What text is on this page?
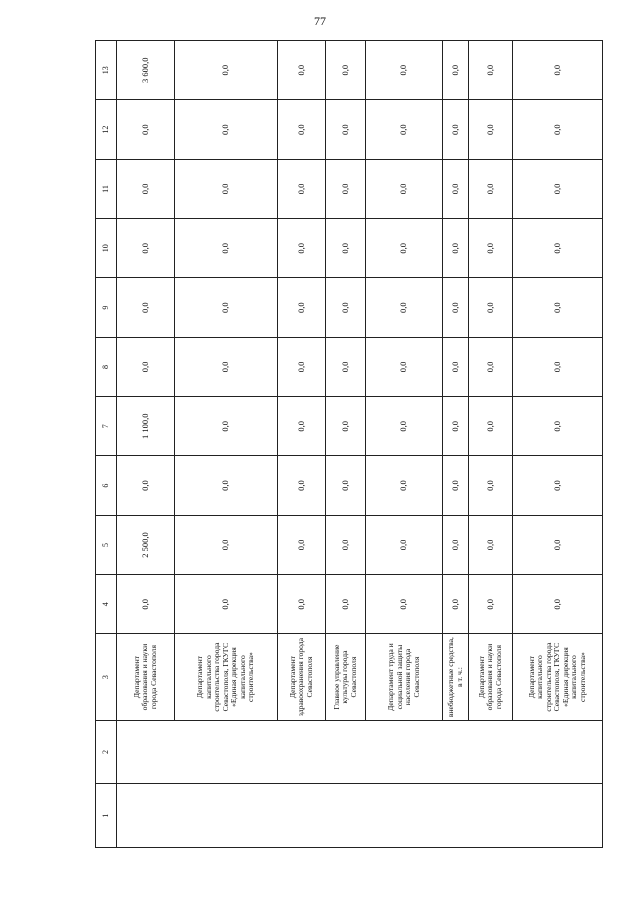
77
1	2	3	4	5	6	7	8	9	10	11	12	13
		Департамент образования и науки города Севастополя	0,0	2 500,0	0,0	1 100,0	0,0	0,0	0,0	0,0	0,0	3 600,0
		Департамент капитального строительства города Севастополя, ГКУГС «Единая дирекция капитального строительства»	0,0	0,0	0,0	0,0	0,0	0,0	0,0	0,0	0,0	0,0
		Департамент здравоохранения города Севастополя	0,0	0,0	0,0	0,0	0,0	0,0	0,0	0,0	0,0	0,0
		Главное управление культуры города Севастополя	0,0	0,0	0,0	0,0	0,0	0,0	0,0	0,0	0,0	0,0
		Департамент труда и социальной защиты населения города Севастополя	0,0	0,0	0,0	0,0	0,0	0,0	0,0	0,0	0,0	0,0
		внебюджетные средства, в т. ч.:	0,0	0,0	0,0	0,0	0,0	0,0	0,0	0,0	0,0	0,0
		Департамент образования и науки города Севастополя	0,0	0,0	0,0	0,0	0,0	0,0	0,0	0,0	0,0	0,0
		Департамент капитального строительства города Севастополя, ГКУГС «Единая дирекция капитального строительства»	0,0	0,0	0,0	0,0	0,0	0,0	0,0	0,0	0,0	0,0
